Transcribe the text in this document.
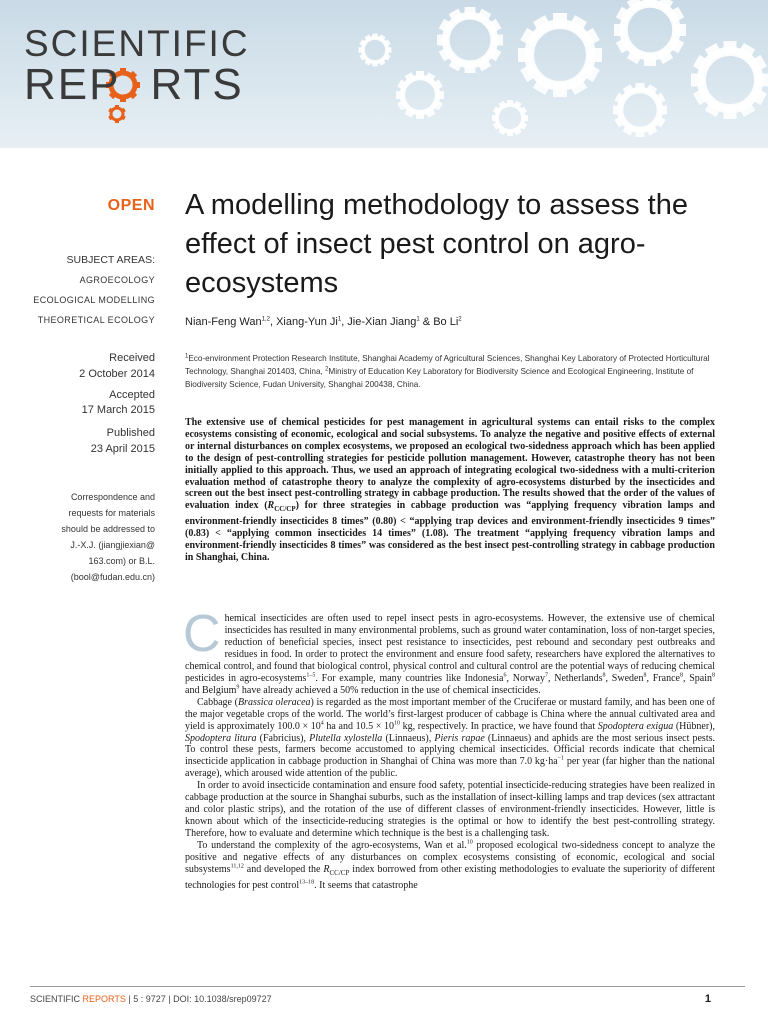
SCIENTIFIC
REP RTS
OPEN
SUBJECT AREAS:
AGROECOLOGY
ECOLOGICAL MODELLING
THEORETICAL ECOLOGY
Received
2 October 2014
Accepted
17 March 2015
Published
23 April 2015
Correspondence and
requests for materials
should be addressed to
J.-X.J. (jiangjiexian@
163.com) or B.L.
(bool@fudan.edu.cn)
A modelling methodology to assess the effect of insect pest control on agro-ecosystems
Nian-Feng Wan$^{1,2}$, Xiang-Yun Ji$^1$, Jie-Xian Jiang$^1$ & Bo Li$^2$
$^1$Eco-environment Protection Research Institute, Shanghai Academy of Agricultural Sciences, Shanghai Key Laboratory of Protected Horticultural Technology, Shanghai 201403, China, $^2$Ministry of Education Key Laboratory for Biodiversity Science and Ecological Engineering, Institute of Biodiversity Science, Fudan University, Shanghai 200438, China.
The extensive use of chemical pesticides for pest management in agricultural systems can entail risks to the complex ecosystems consisting of economic, ecological and social subsystems. To analyze the negative and positive effects of external or internal disturbances on complex ecosystems, we proposed an ecological two-sidedness approach which has been applied to the design of pest-controlling strategies for pesticide pollution management. However, catastrophe theory has not been initially applied to this approach. Thus, we used an approach of integrating ecological two-sidedness with a multi-criterion evaluation method of catastrophe theory to analyze the complexity of agro-ecosystems disturbed by the insecticides and screen out the best insect pest-controlling strategy in cabbage production. The results showed that the order of the values of evaluation index $(R_{CC/CP})$ for three strategies in cabbage production was “applying frequency vibration lamps and environment-friendly insecticides 8 times” (0.80) < “applying trap devices and environment-friendly insecticides 9 times” (0.83) < “applying common insecticides 14 times” (1.08). The treatment “applying frequency vibration lamps and environment-friendly insecticides 8 times” was considered as the best insect pest-controlling strategy in cabbage production in Shanghai, China.

Chemical insecticides are often used to repel insect pests in agro-ecosystems. However, the extensive use of chemical insecticides has resulted in many environmental problems, such as ground water contamination, loss of non-target species, reduction of beneficial species, insect pest resistance to insecticides, pest rebound and secondary pest outbreaks and residues in food. In order to protect the environment and ensure food safety, researchers have explored the alternatives to chemical control, and found that biological control, physical control and cultural control are the potential ways of reducing chemical pesticides in agro-ecosystems$^{1-5}$. For example, many countries like Indonesia$^6$, Norway$^7$, Netherlands$^8$, Sweden$^8$, France$^8$, Spain$^8$ and Belgium$^9$ have already achieved a 50% reduction in the use of chemical insecticides.

Cabbage (Brassica oleracea) is regarded as the most important member of the Cruciferae or mustard family, and has been one of the major vegetable crops of the world. The world’s first-largest producer of cabbage is China where the annual cultivated area and yield is approximately $100.0 \times 10^4$ ha and $10.5 \times 10^{10}$ kg, respectively. In practice, we have found that Spodoptera exigua (Hübner), Spodoptera litura (Fabricius), Plutella xylostella (Linnaeus), Pieris rapae (Linnaeus) and aphids are the most serious insect pests. To control these pests, farmers become accustomed to applying chemical insecticides. Official records indicate that chemical insecticide application in cabbage production in Shanghai of China was more than 7.0 $kg\cdot ha^{-1}$ per year (far higher than the national average), which aroused wide attention of the public.

In order to avoid insecticide contamination and ensure food safety, potential insecticide-reducing strategies have been realized in cabbage production at the source in Shanghai suburbs, such as the installation of insect-killing lamps and trap devices (sex attractant and color plastic strips), and the rotation of the use of different classes of environment-friendly insecticides. However, little is known about which of the insecticide-reducing strategies is the optimal or how to identify the best pest-controlling strategy. Therefore, how to evaluate and determine which technique is the best is a challenging task.

To understand the complexity of the agro-ecosystems, Wan et al.$^{10}$ proposed ecological two-sidedness concept to analyze the positive and negative effects of any disturbances on complex ecosystems consisting of economic, ecological and social subsystems$^{11,12}$ and developed the $R_{CC/CP}$ index borrowed from other existing methodologies to evaluate the superiority of different technologies for pest control$^{13-18}$. It seems that catastrophe

SCIENTIFIC REPORTS | 5 : 9727 | DOI: 10.1038/srep09727	1
